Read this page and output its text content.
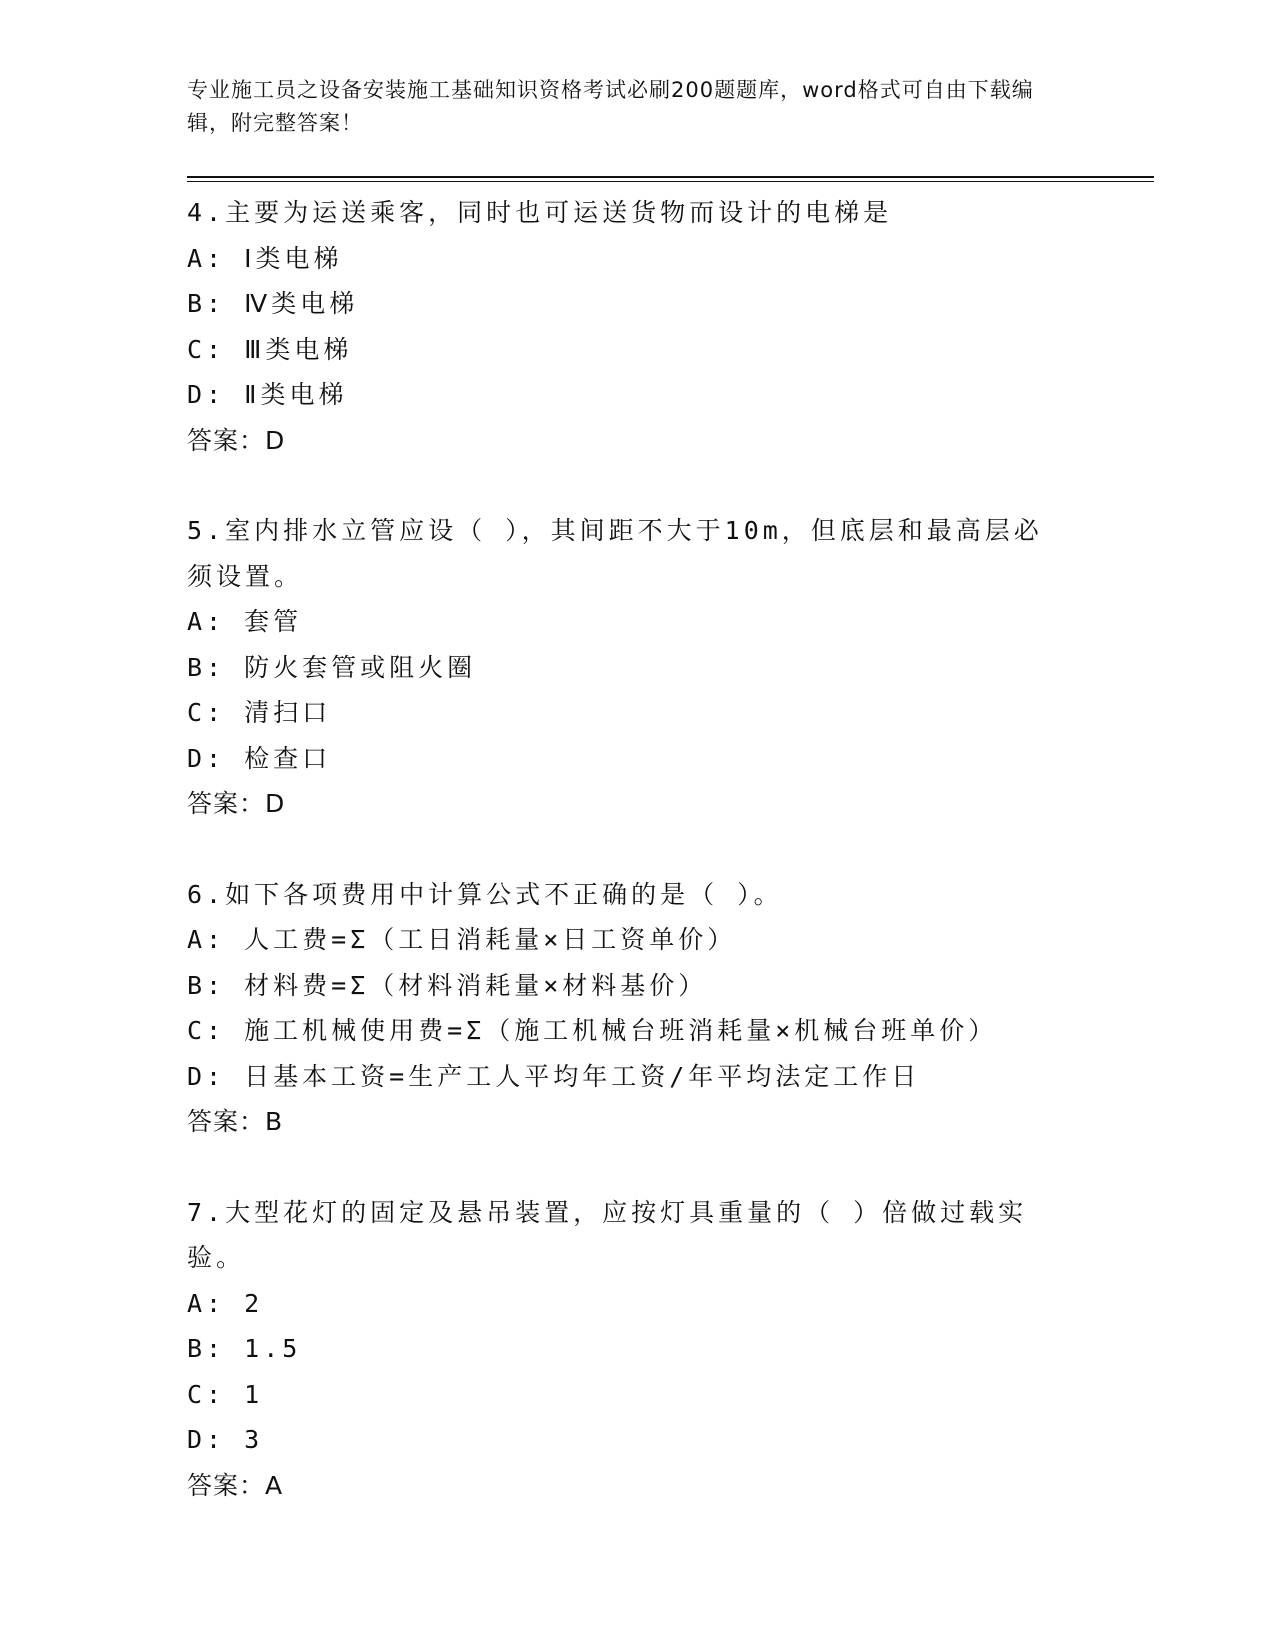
专业施工员之设备安装施工基础知识资格考试必刷200题题库，word格式可自由下载编辑，附完整答案！
4.主要为运送乘客，同时也可运送货物而设计的电梯是
A: Ⅰ类电梯
B: Ⅳ类电梯
C: Ⅲ类电梯
D: Ⅱ类电梯
答案：D
5.室内排水立管应设（ ），其间距不大于10m，但底层和最高层必须设置。
A: 套管
B: 防火套管或阻火圈
C: 清扫口
D: 检查口
答案：D
6.如下各项费用中计算公式不正确的是（ ）。
A: 人工费=Σ（工日消耗量×日工资单价）
B: 材料费=Σ（材料消耗量×材料基价）
C: 施工机械使用费=Σ（施工机械台班消耗量×机械台班单价）
D: 日基本工资=生产工人平均年工资/年平均法定工作日
答案：B
7.大型花灯的固定及悬吊装置，应按灯具重量的（ ）倍做过载实验。
A: 2
B: 1.5
C: 1
D: 3
答案：A
